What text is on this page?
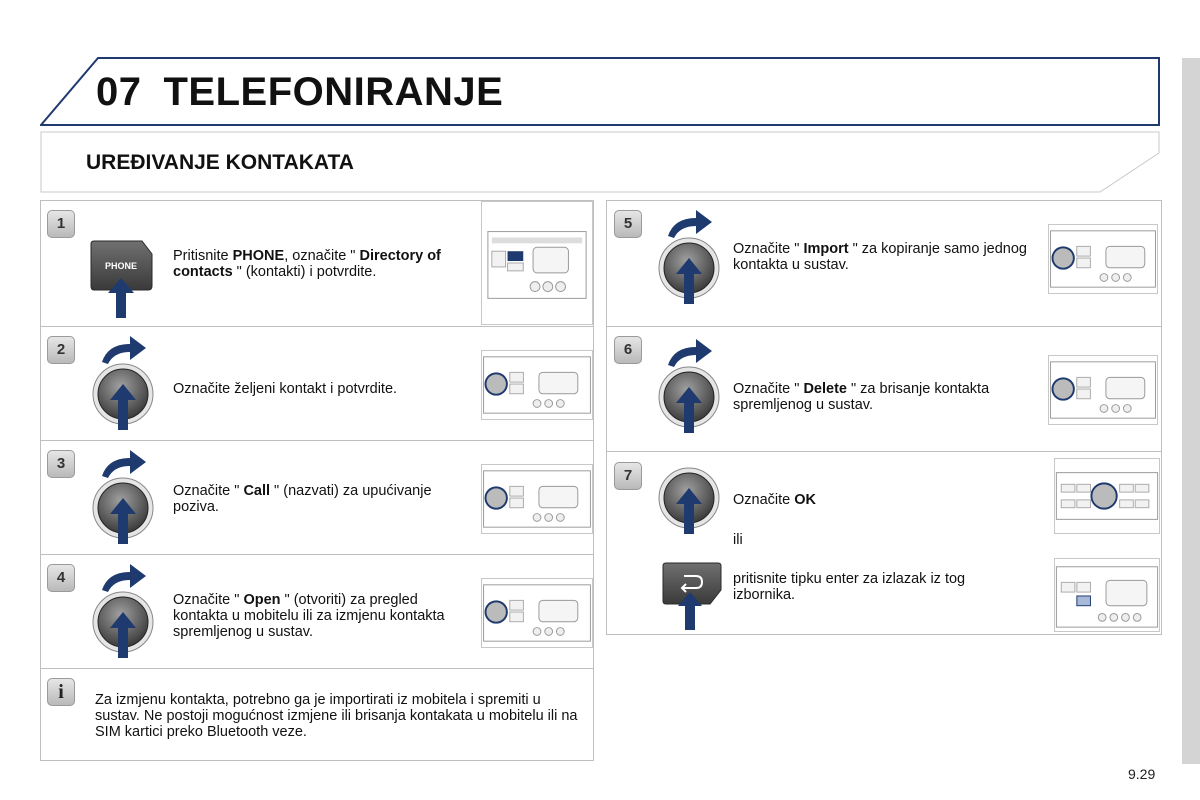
07 TELEFONIRANJE
UREĐIVANJE KONTAKATA
1
2
3
4
5
6
7
i
Pritisnite PHONE, označite " Directory of contacts " (kontakti) i potvrdite.
Označite željeni kontakt i potvrdite.
Označite " Call " (nazvati) za upućivanje poziva.
Označite " Open " (otvoriti) za pregled kontakta u mobitelu ili za izmjenu kontakta spremljenog u sustav.
Označite " Import " za kopiranje samo jednog kontakta u sustav.
Označite " Delete " za brisanje kontakta spremljenog u sustav.
Označite OK
ili
pritisnite tipku enter za izlazak iz tog izbornika.
Za izmjenu kontakta, potrebno ga je importirati iz mobitela i spremiti u sustav. Ne postoji mogućnost izmjene ili brisanja kontakata u mobitelu ili na SIM kartici preko Bluetooth veze.
9.29
PHONE
